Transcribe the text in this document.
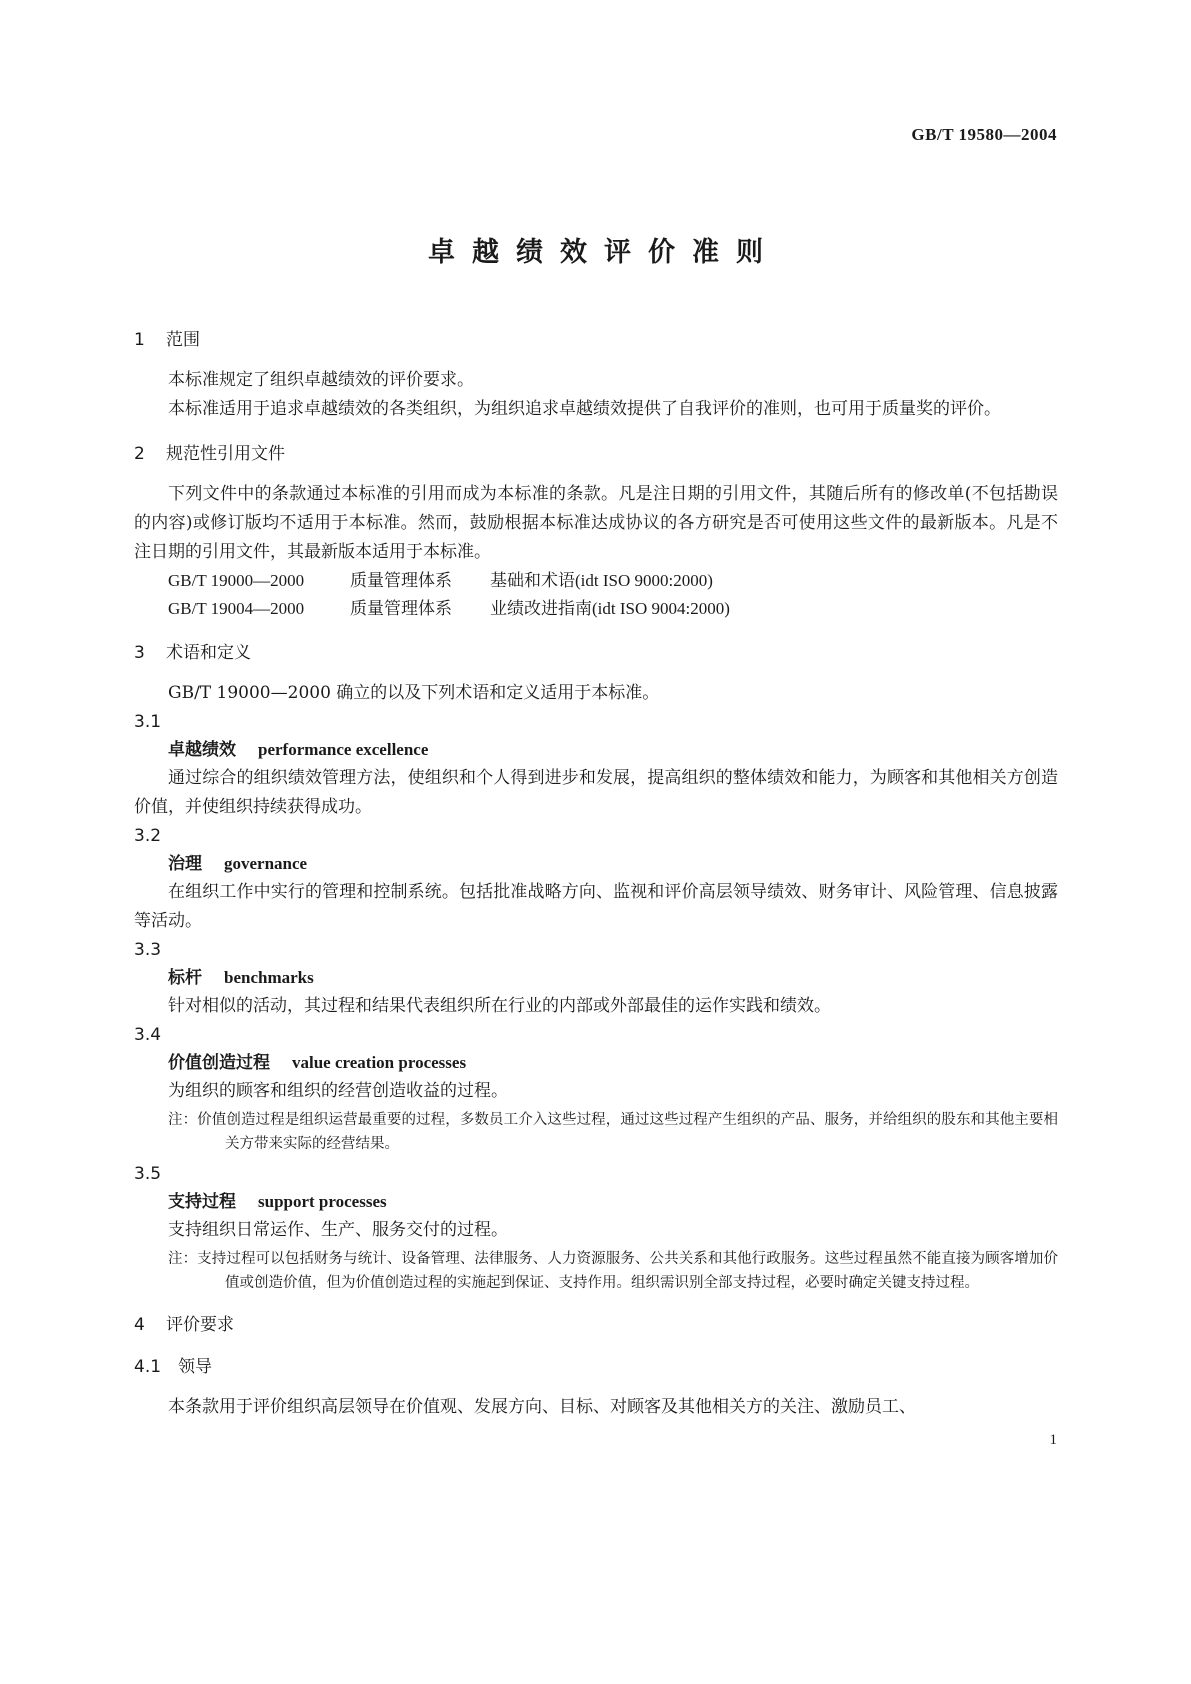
GB/T 19580—2004
卓越绩效评价准则
1 范围

本标准规定了组织卓越绩效的评价要求。

本标准适用于追求卓越绩效的各类组织，为组织追求卓越绩效提供了自我评价的准则，也可用于质量奖的评价。

2 规范性引用文件

下列文件中的条款通过本标准的引用而成为本标准的条款。凡是注日期的引用文件，其随后所有的修改单(不包括勘误的内容)或修订版均不适用于本标准。然而，鼓励根据本标准达成协议的各方研究是否可使用这些文件的最新版本。凡是不注日期的引用文件，其最新版本适用于本标准。

GB/T 19000—2000	质量管理体系 基础和术语(idt ISO 9000:2000)
GB/T 19004—2000	质量管理体系 业绩改进指南(idt ISO 9004:2000)
3 术语和定义

GB/T 19000—2000 确立的以及下列术语和定义适用于本标准。

3.1
卓越绩效 performance excellence

通过综合的组织绩效管理方法，使组织和个人得到进步和发展，提高组织的整体绩效和能力，为顾客和其他相关方创造价值，并使组织持续获得成功。

3.2
治理 governance

在组织工作中实行的管理和控制系统。包括批准战略方向、监视和评价高层领导绩效、财务审计、风险管理、信息披露等活动。

3.3
标杆 benchmarks

针对相似的活动，其过程和结果代表组织所在行业的内部或外部最佳的运作实践和绩效。

3.4
价值创造过程 value creation processes

为组织的顾客和组织的经营创造收益的过程。

注：价值创造过程是组织运营最重要的过程，多数员工介入这些过程，通过这些过程产生组织的产品、服务，并给组织的股东和其他主要相关方带来实际的经营结果。
3.5
支持过程 support processes

支持组织日常运作、生产、服务交付的过程。

注：支持过程可以包括财务与统计、设备管理、法律服务、人力资源服务、公共关系和其他行政服务。这些过程虽然不能直接为顾客增加价值或创造价值，但为价值创造过程的实施起到保证、支持作用。组织需识别全部支持过程，必要时确定关键支持过程。
4 评价要求
4.1 领导

本条款用于评价组织高层领导在价值观、发展方向、目标、对顾客及其他相关方的关注、激励员工、

1
